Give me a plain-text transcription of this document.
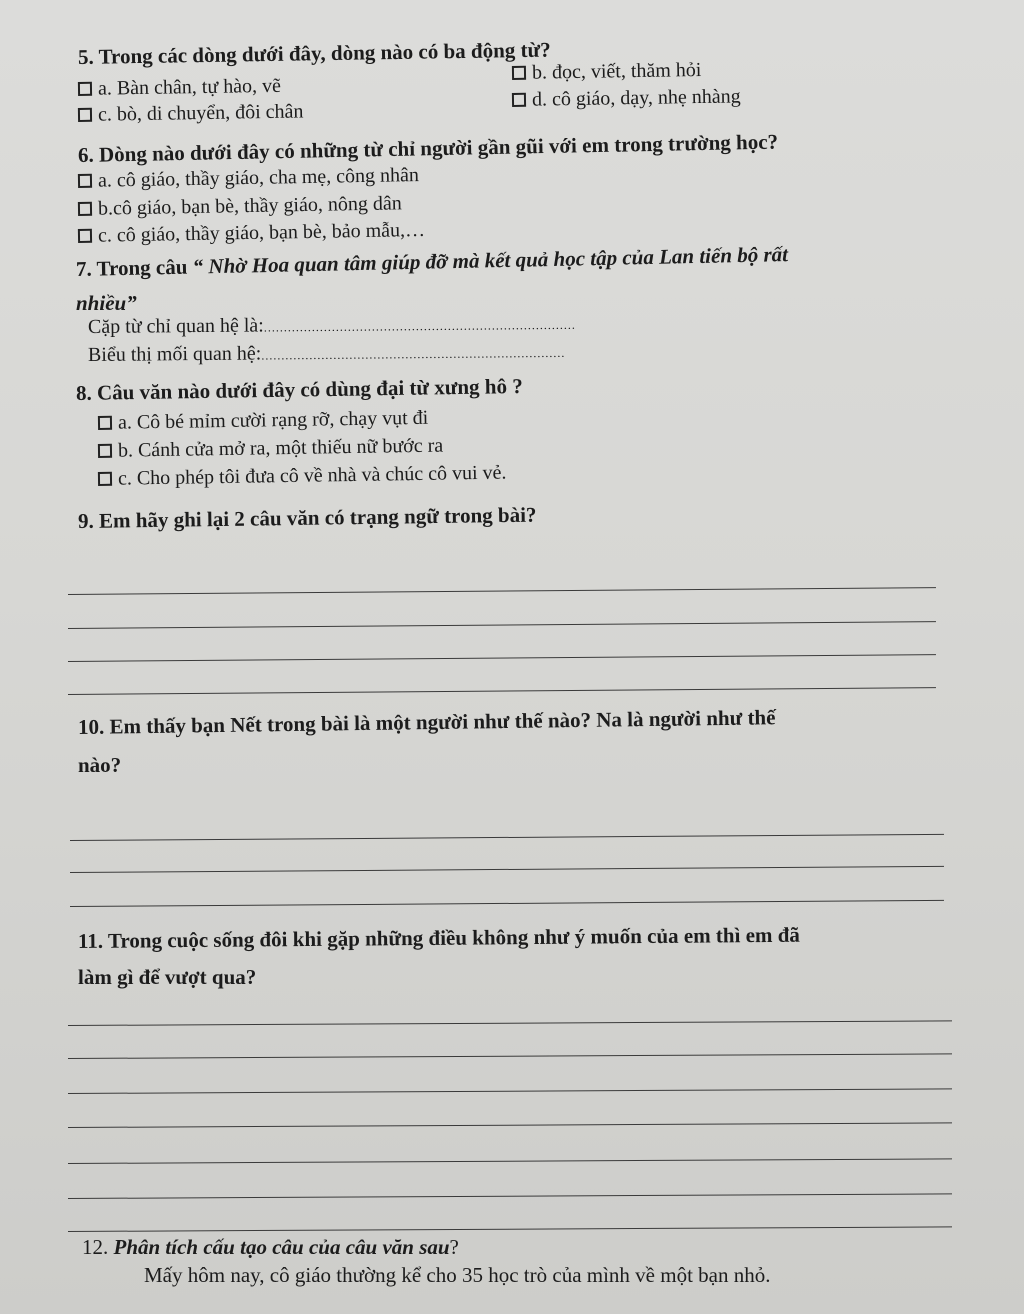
5. Trong các dòng dưới đây, dòng nào có ba động từ?
a. Bàn chân, tự hào, vẽ
b. đọc, viết, thăm hỏi
c. bò, di chuyển, đôi chân
d. cô giáo, dạy, nhẹ nhàng
6. Dòng nào dưới đây có những từ chỉ người gần gũi với em trong trường học?
a. cô giáo, thầy giáo, cha mẹ, công nhân
b.cô giáo, bạn bè, thầy giáo, nông dân
c. cô giáo, thầy giáo, bạn bè, bảo mẫu,…
7. Trong câu “ Nhờ Hoa quan tâm giúp đỡ mà kết quả học tập của Lan tiến bộ rất
nhiều”
Cặp từ chỉ quan hệ là:..............................................................................
Biểu thị mối quan hệ:............................................................................
8. Câu văn nào dưới đây có dùng đại từ xưng hô ?
a. Cô bé mỉm cười rạng rỡ, chạy vụt đi
b. Cánh cửa mở ra, một thiếu nữ bước ra
c. Cho phép tôi đưa cô về nhà và chúc cô vui vẻ.
9. Em hãy ghi lại 2 câu văn có trạng ngữ trong bài?
10. Em thấy bạn Nết trong bài là một người như thế nào? Na là người như thế
nào?
11. Trong cuộc sống đôi khi gặp những điều không như ý muốn của em thì em đã
làm gì để vượt qua?
12. Phân tích cấu tạo câu của câu văn sau?
Mấy hôm nay, cô giáo thường kể cho 35 học trò của mình về một bạn nhỏ.
